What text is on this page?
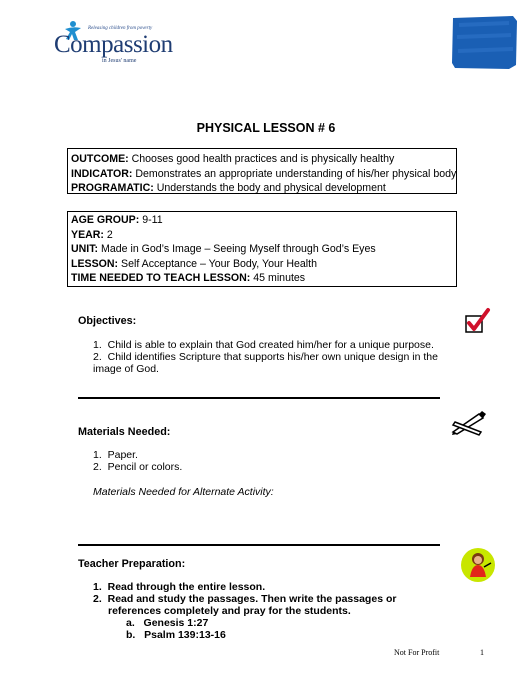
Releasing children from poverty
Compassion
in Jesus' name
PHYSICAL LESSON # 6
OUTCOME: Chooses good health practices and is physically healthy
INDICATOR: Demonstrates an appropriate understanding of his/her physical body
PROGRAMATIC: Understands the body and physical development
AGE GROUP: 9-11
YEAR: 2
UNIT: Made in God’s Image – Seeing Myself through God’s Eyes
LESSON: Self Acceptance – Your Body, Your Health
TIME NEEDED TO TEACH LESSON: 45 minutes
Objectives:
1. Child is able to explain that God created him/her for a unique purpose.
2. Child identifies Scripture that supports his/her own unique design in the
image of God.
Materials Needed:
1. Paper.
2. Pencil or colors.
Materials Needed for Alternate Activity:
Teacher Preparation:
1. Read through the entire lesson.
2. Read and study the passages. Then write the passages or
references completely and pray for the students.
a. Genesis 1:27
b. Psalm 139:13-16
Not For Profit	1
